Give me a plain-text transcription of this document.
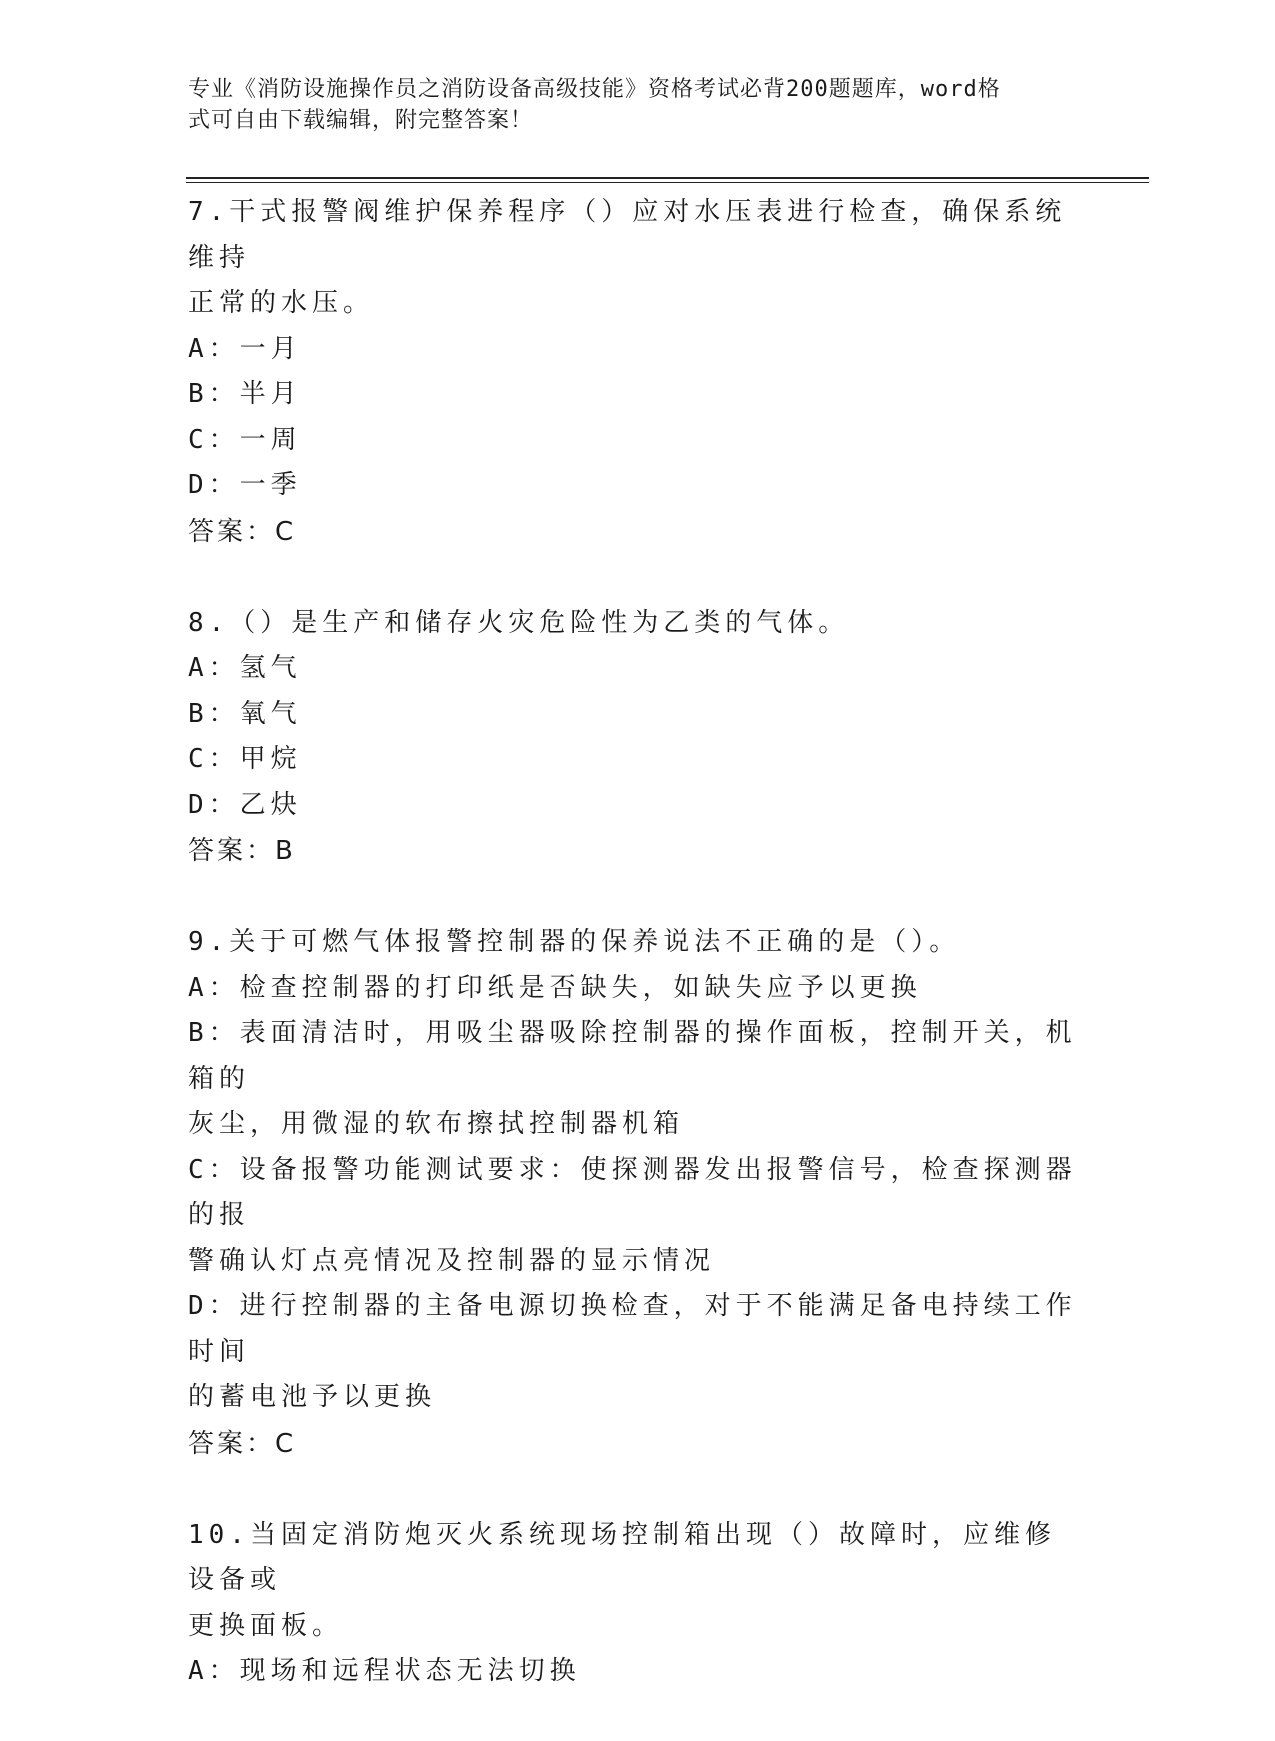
专业《消防设施操作员之消防设备高级技能》资格考试必背200题题库，word格
式可自由下载编辑，附完整答案！
7.干式报警阀维护保养程序（）应对水压表进行检查，确保系统维持
正常的水压。
A：一月
B：半月
C：一周
D：一季
答案：C
8.（）是生产和储存火灾危险性为乙类的气体。
A：氢气
B：氧气
C：甲烷
D：乙炔
答案：B
9.关于可燃气体报警控制器的保养说法不正确的是（）。
A：检查控制器的打印纸是否缺失，如缺失应予以更换
B：表面清洁时，用吸尘器吸除控制器的操作面板，控制开关，机箱的
灰尘，用微湿的软布擦拭控制器机箱
C：设备报警功能测试要求：使探测器发出报警信号，检查探测器的报
警确认灯点亮情况及控制器的显示情况
D：进行控制器的主备电源切换检查，对于不能满足备电持续工作时间
的蓄电池予以更换
答案：C
10.当固定消防炮灭火系统现场控制箱出现（）故障时，应维修设备或
更换面板。
A：现场和远程状态无法切换
